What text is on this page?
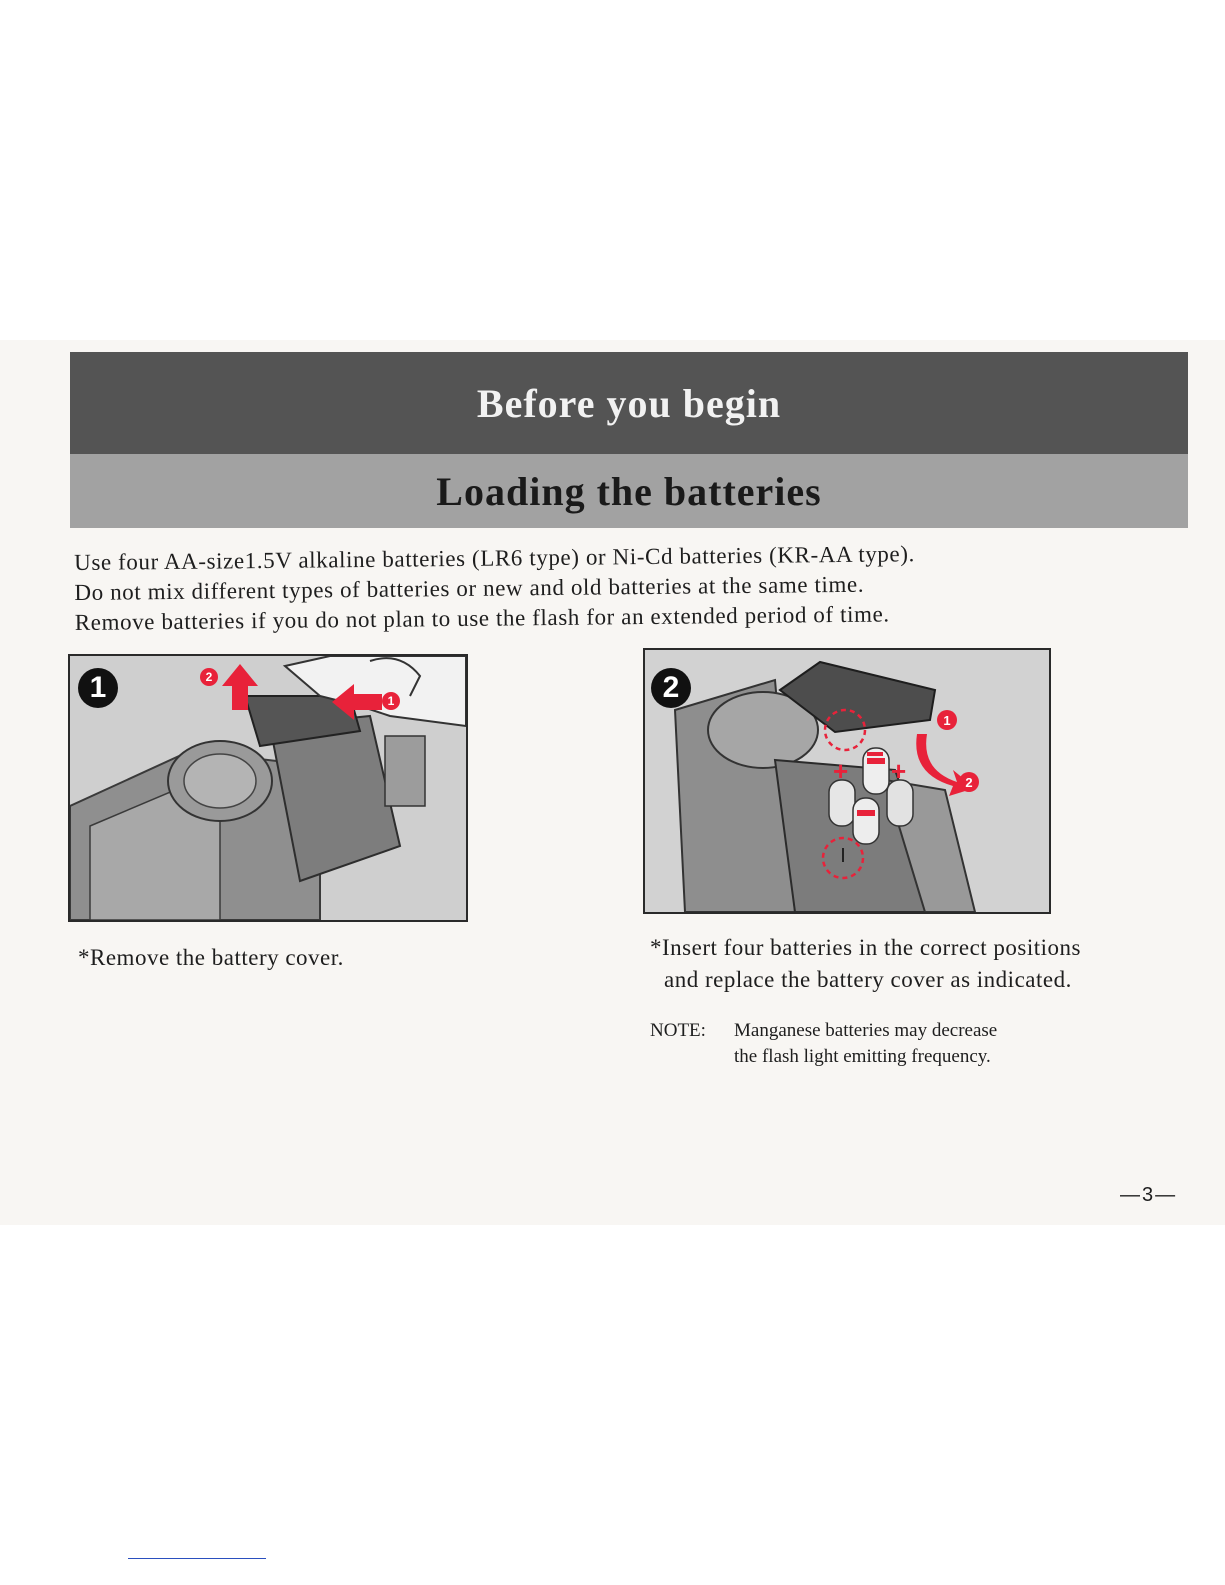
Before you begin
Loading the batteries
Use four AA-size1.5V alkaline batteries (LR6 type) or Ni-Cd batteries (KR-AA type).
Do not mix different types of batteries or new and old batteries at the same time.
Remove batteries if you do not plan to use the flash for an extended period of time.
1	2
1	2
+ +
1
2
*Remove the battery cover.	*Insert four batteries in the correct positions
and replace the battery cover as indicated.
NOTE: Manganese batteries may decrease
the flash light emitting frequency.
—3—
